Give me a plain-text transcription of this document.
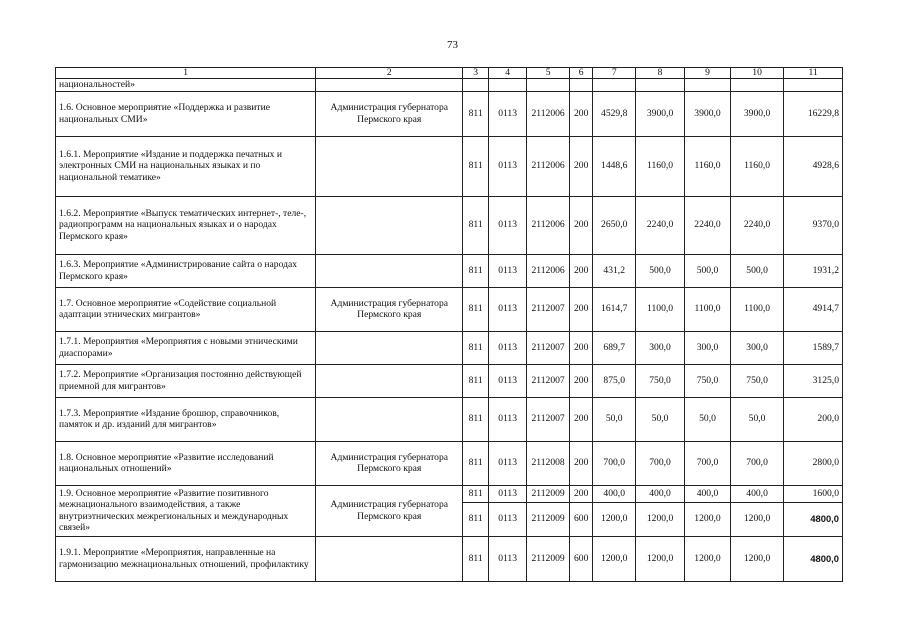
73
1	2	3	4	5	6	7	8	9	10	11
национальностей»										
1.6. Основное мероприятие «Поддержка и развитие национальных СМИ»	Администрация губернатора Пермского края	811	0113	2112006	200	4529,8	3900,0	3900,0	3900,0	16229,8
1.6.1. Мероприятие «Издание и поддержка печатных и электронных СМИ на национальных языках и по национальной тематике»		811	0113	2112006	200	1448,6	1160,0	1160,0	1160,0	4928,6
1.6.2. Мероприятие «Выпуск тематических интернет-, теле-, радиопрограмм на национальных языках и о народах Пермского края»		811	0113	2112006	200	2650,0	2240,0	2240,0	2240,0	9370,0
1.6.3. Мероприятие «Администрирование сайта о народах Пермского края»		811	0113	2112006	200	431,2	500,0	500,0	500,0	1931,2
1.7. Основное мероприятие «Содействие социальной адаптации этнических мигрантов»	Администрация губернатора Пермского края	811	0113	2112007	200	1614,7	1100,0	1100,0	1100,0	4914,7
1.7.1. Мероприятия «Мероприятия с новыми этническими диаспорами»		811	0113	2112007	200	689,7	300,0	300,0	300,0	1589,7
1.7.2. Мероприятие «Организация постоянно действующей приемной для мигрантов»		811	0113	2112007	200	875,0	750,0	750,0	750,0	3125,0
1.7.3. Мероприятие «Издание брошюр, справочников, памяток и др. изданий для мигрантов»		811	0113	2112007	200	50,0	50,0	50,0	50,0	200,0
1.8. Основное мероприятие «Развитие исследований национальных отношений»	Администрация губернатора Пермского края	811	0113	2112008	200	700,0	700,0	700,0	700,0	2800,0
1.9. Основное мероприятие «Развитие позитивного межнационального взаимодействия, а также внутриэтнических межрегиональных и международных связей»	Администрация губернатора Пермского края	811	0113	2112009	200	400,0	400,0	400,0	400,0	1600,0
		811	0113	2112009	600	1200,0	1200,0	1200,0	1200,0	4800,0
1.9.1. Мероприятие «Мероприятия, направленные на гармонизацию межнациональных отношений, профилактику		811	0113	2112009	600	1200,0	1200,0	1200,0	1200,0	4800,0
